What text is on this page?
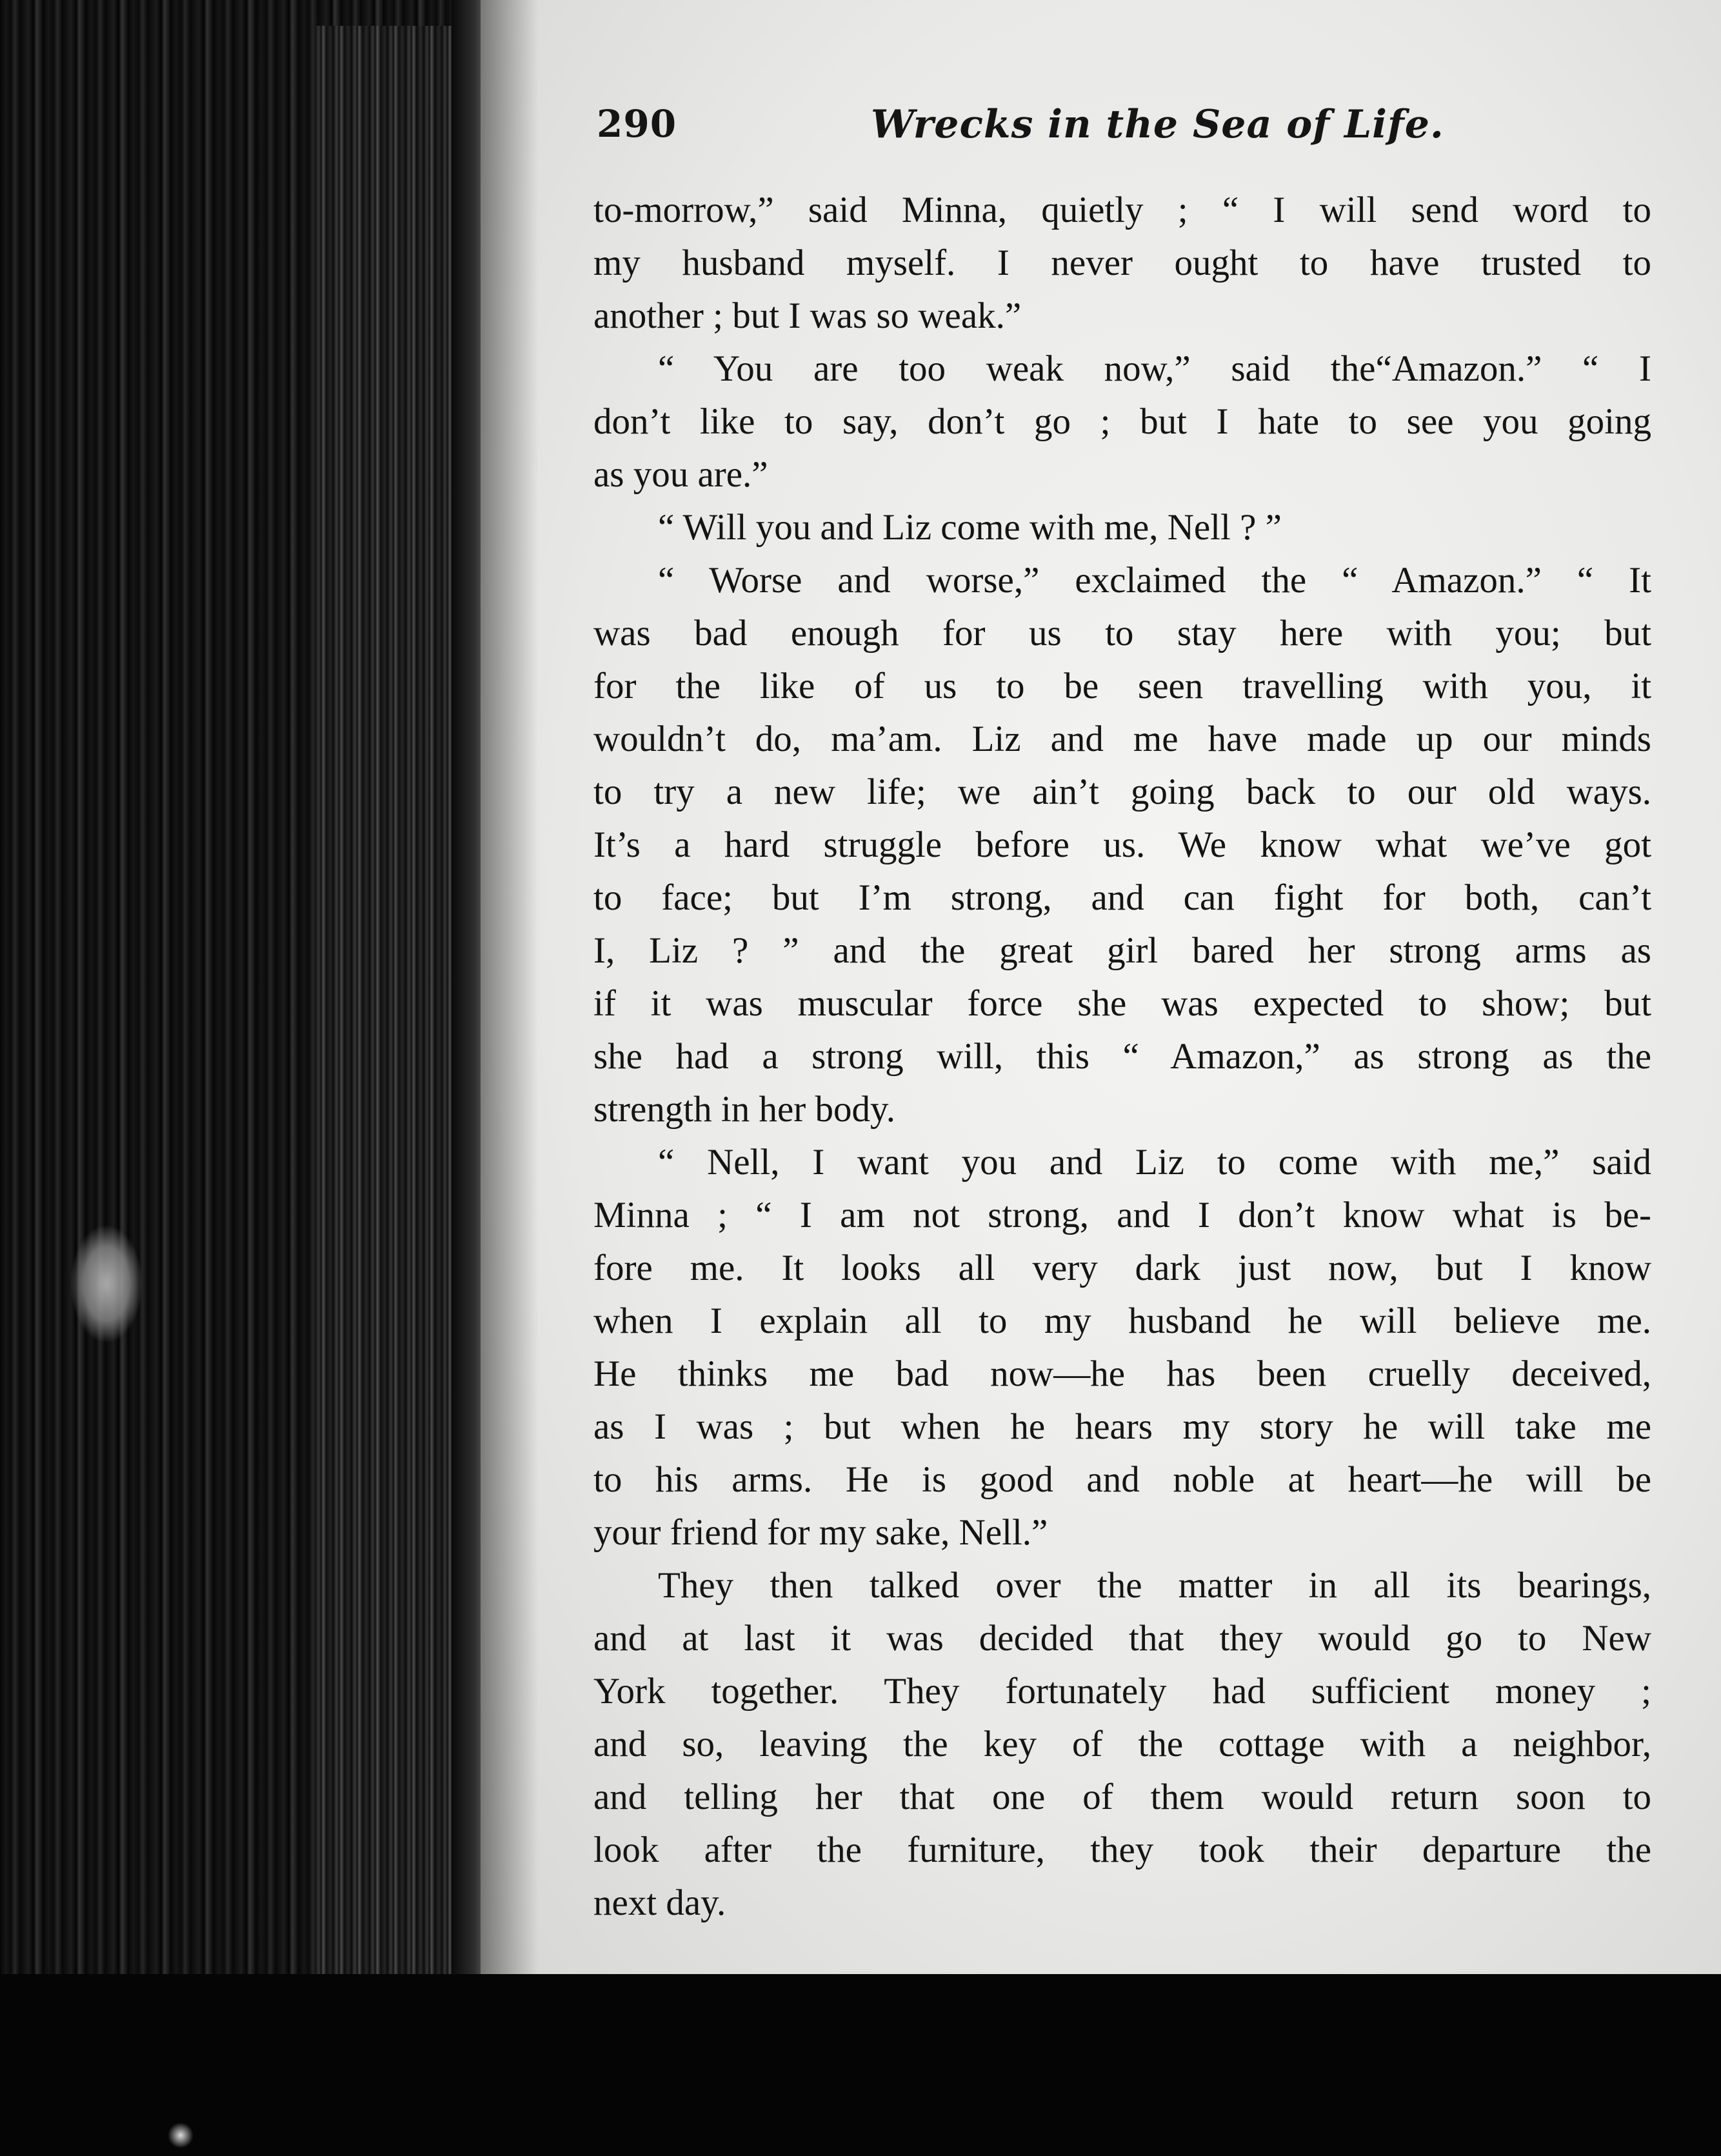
290	Wrecks in the Sea of Life.
to-morrow,” said Minna, quietly ; “ I will send word to
my husband myself. I never ought to have trusted to
another ; but I was so weak.”
“ You are too weak now,” said the“Amazon.” “ I
don’t like to say, don’t go ; but I hate to see you going
as you are.”
“ Will you and Liz come with me, Nell ? ”
“ Worse and worse,” exclaimed the “ Amazon.” “ It
was bad enough for us to stay here with you; but
for the like of us to be seen travelling with you, it
wouldn’t do, ma’am. Liz and me have made up our minds
to try a new life; we ain’t going back to our old ways.
It’s a hard struggle before us. We know what we’ve got
to face; but I’m strong, and can fight for both, can’t
I, Liz ? ” and the great girl bared her strong arms as
if it was muscular force she was expected to show; but
she had a strong will, this “ Amazon,” as strong as the
strength in her body.
“ Nell, I want you and Liz to come with me,” said
Minna ; “ I am not strong, and I don’t know what is be-
fore me. It looks all very dark just now, but I know
when I explain all to my husband he will believe me.
He thinks me bad now—he has been cruelly deceived,
as I was ; but when he hears my story he will take me
to his arms. He is good and noble at heart—he will be
your friend for my sake, Nell.”
They then talked over the matter in all its bearings,
and at last it was decided that they would go to New
York together. They fortunately had sufficient money ;
and so, leaving the key of the cottage with a neighbor,
and telling her that one of them would return soon to
look after the furniture, they took their departure the
next day.
